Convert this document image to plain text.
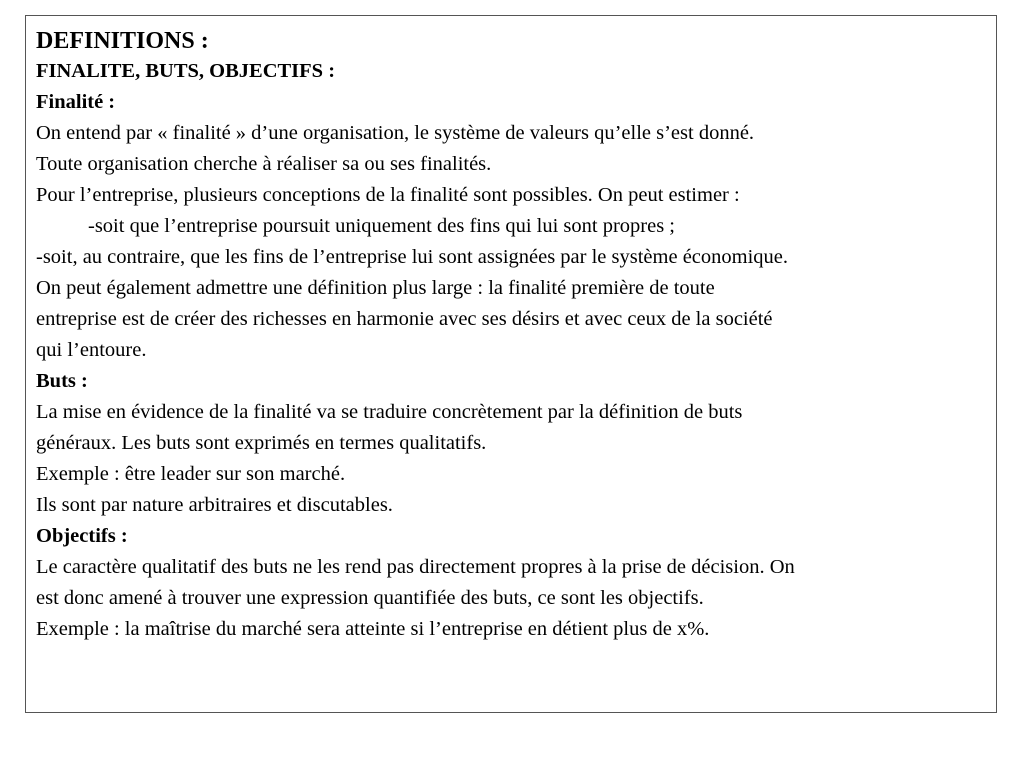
DEFINITIONS :

FINALITE, BUTS, OBJECTIFS :

Finalité :

On entend par « finalité » d’une organisation, le système de valeurs qu’elle s’est donné.

Toute organisation cherche à réaliser sa ou ses finalités.

Pour l’entreprise, plusieurs conceptions de la finalité sont possibles. On peut estimer :

-soit que l’entreprise poursuit uniquement des fins qui lui sont propres ;

-soit, au contraire, que les fins de l’entreprise lui sont assignées par le système économique.

On peut également admettre une définition plus large : la finalité première de toute

entreprise est de créer des richesses en harmonie avec ses désirs et avec ceux de la société

qui l’entoure.

Buts :

La mise en évidence de la finalité va se traduire concrètement par la définition de buts

généraux. Les buts sont exprimés en termes qualitatifs.

Exemple : être leader sur son marché.

Ils sont par nature arbitraires et discutables.

Objectifs :

Le caractère qualitatif des buts ne les rend pas directement propres à la prise de décision. On

est donc amené à trouver une expression quantifiée des buts, ce sont les objectifs.

Exemple : la maîtrise du marché sera atteinte si l’entreprise en détient plus de x%.
